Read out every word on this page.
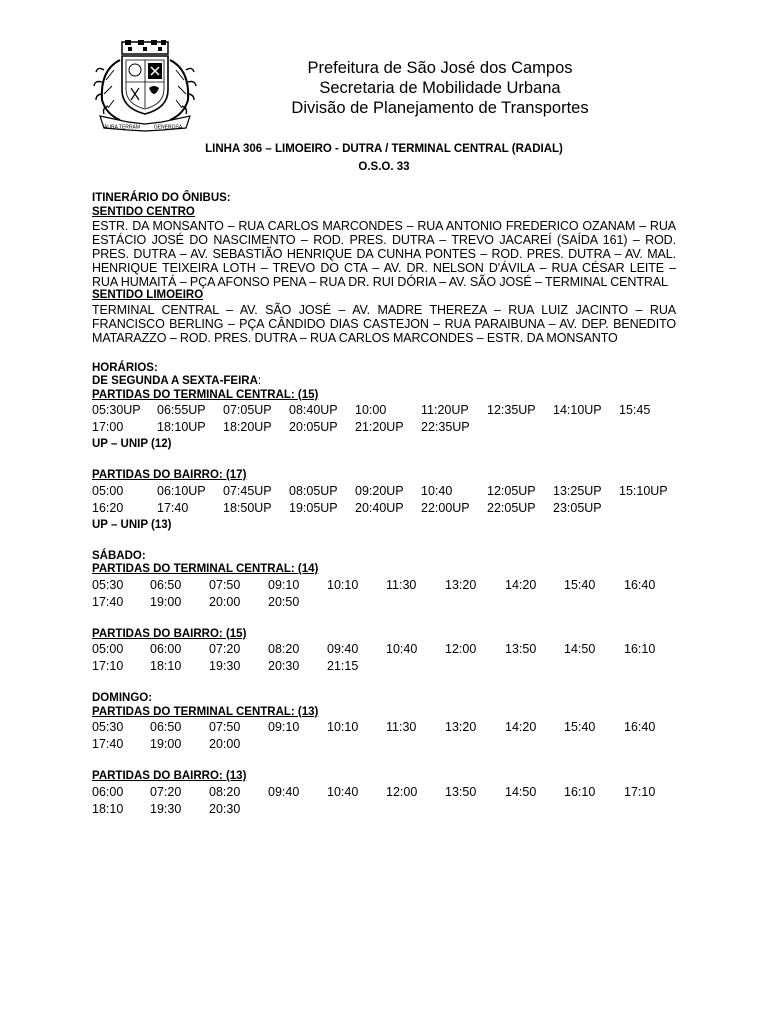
AURA TERRAM	GENEROSA
Prefeitura de São José dos Campos
Secretaria de Mobilidade Urbana
Divisão de Planejamento de Transportes
LINHA 306 – LIMOEIRO - DUTRA / TERMINAL CENTRAL (RADIAL)
O.S.O. 33
ITINERÁRIO DO ÔNIBUS:
SENTIDO CENTRO
ESTR. DA MONSANTO – RUA CARLOS MARCONDES – RUA ANTONIO FREDERICO OZANAM – RUA ESTÁCIO JOSÉ DO NASCIMENTO – ROD. PRES. DUTRA – TREVO JACAREÍ (SAÍDA 161) – ROD. PRES. DUTRA – AV. SEBASTIÃO HENRIQUE DA CUNHA PONTES – ROD. PRES. DUTRA – AV. MAL. HENRIQUE TEIXEIRA LOTH – TREVO DO CTA – AV. DR. NELSON D'ÁVILA – RUA CÉSAR LEITE – RUA HUMAITÁ – PÇA AFONSO PENA – RUA DR. RUI DÓRIA – AV. SÃO JOSÉ – TERMINAL CENTRAL
SENTIDO LIMOEIRO
TERMINAL CENTRAL – AV. SÃO JOSÉ – AV. MADRE THEREZA – RUA LUIZ JACINTO – RUA FRANCISCO BERLING – PÇA CÂNDIDO DIAS CASTEJON – RUA PARAIBUNA – AV. DEP. BENEDITO MATARAZZO – ROD. PRES. DUTRA – RUA CARLOS MARCONDES – ESTR. DA MONSANTO
HORÁRIOS:
DE SEGUNDA A SEXTA-FEIRA:
PARTIDAS DO TERMINAL CENTRAL: (15)
05:30UP 06:55UP 07:05UP 08:40UP 10:00	11:20UP 12:35UP 14:10UP 15:45
17:00	18:10UP 18:20UP 20:05UP 21:20UP 22:35UP
UP – UNIP (12)
PARTIDAS DO BAIRRO: (17)
05:00	06:10UP 07:45UP 08:05UP 09:20UP 10:40	12:05UP 13:25UP 15:10UP
16:20	17:40	18:50UP 19:05UP 20:40UP 22:00UP 22:05UP 23:05UP
UP – UNIP (13)
SÁBADO:
PARTIDAS DO TERMINAL CENTRAL: (14)
05:30 06:50 07:50 09:10 10:10 11:30 13:20 14:20 15:40 16:40
17:40 19:00 20:00 20:50
PARTIDAS DO BAIRRO: (15)
05:00 06:00 07:20 08:20 09:40 10:40 12:00 13:50 14:50 16:10
17:10 18:10 19:30 20:30 21:15
DOMINGO:
PARTIDAS DO TERMINAL CENTRAL: (13)
05:30 06:50 07:50 09:10 10:10 11:30 13:20 14:20 15:40 16:40
17:40 19:00 20:00
PARTIDAS DO BAIRRO: (13)
06:00 07:20 08:20 09:40 10:40 12:00 13:50 14:50 16:10 17:10
18:10 19:30 20:30
